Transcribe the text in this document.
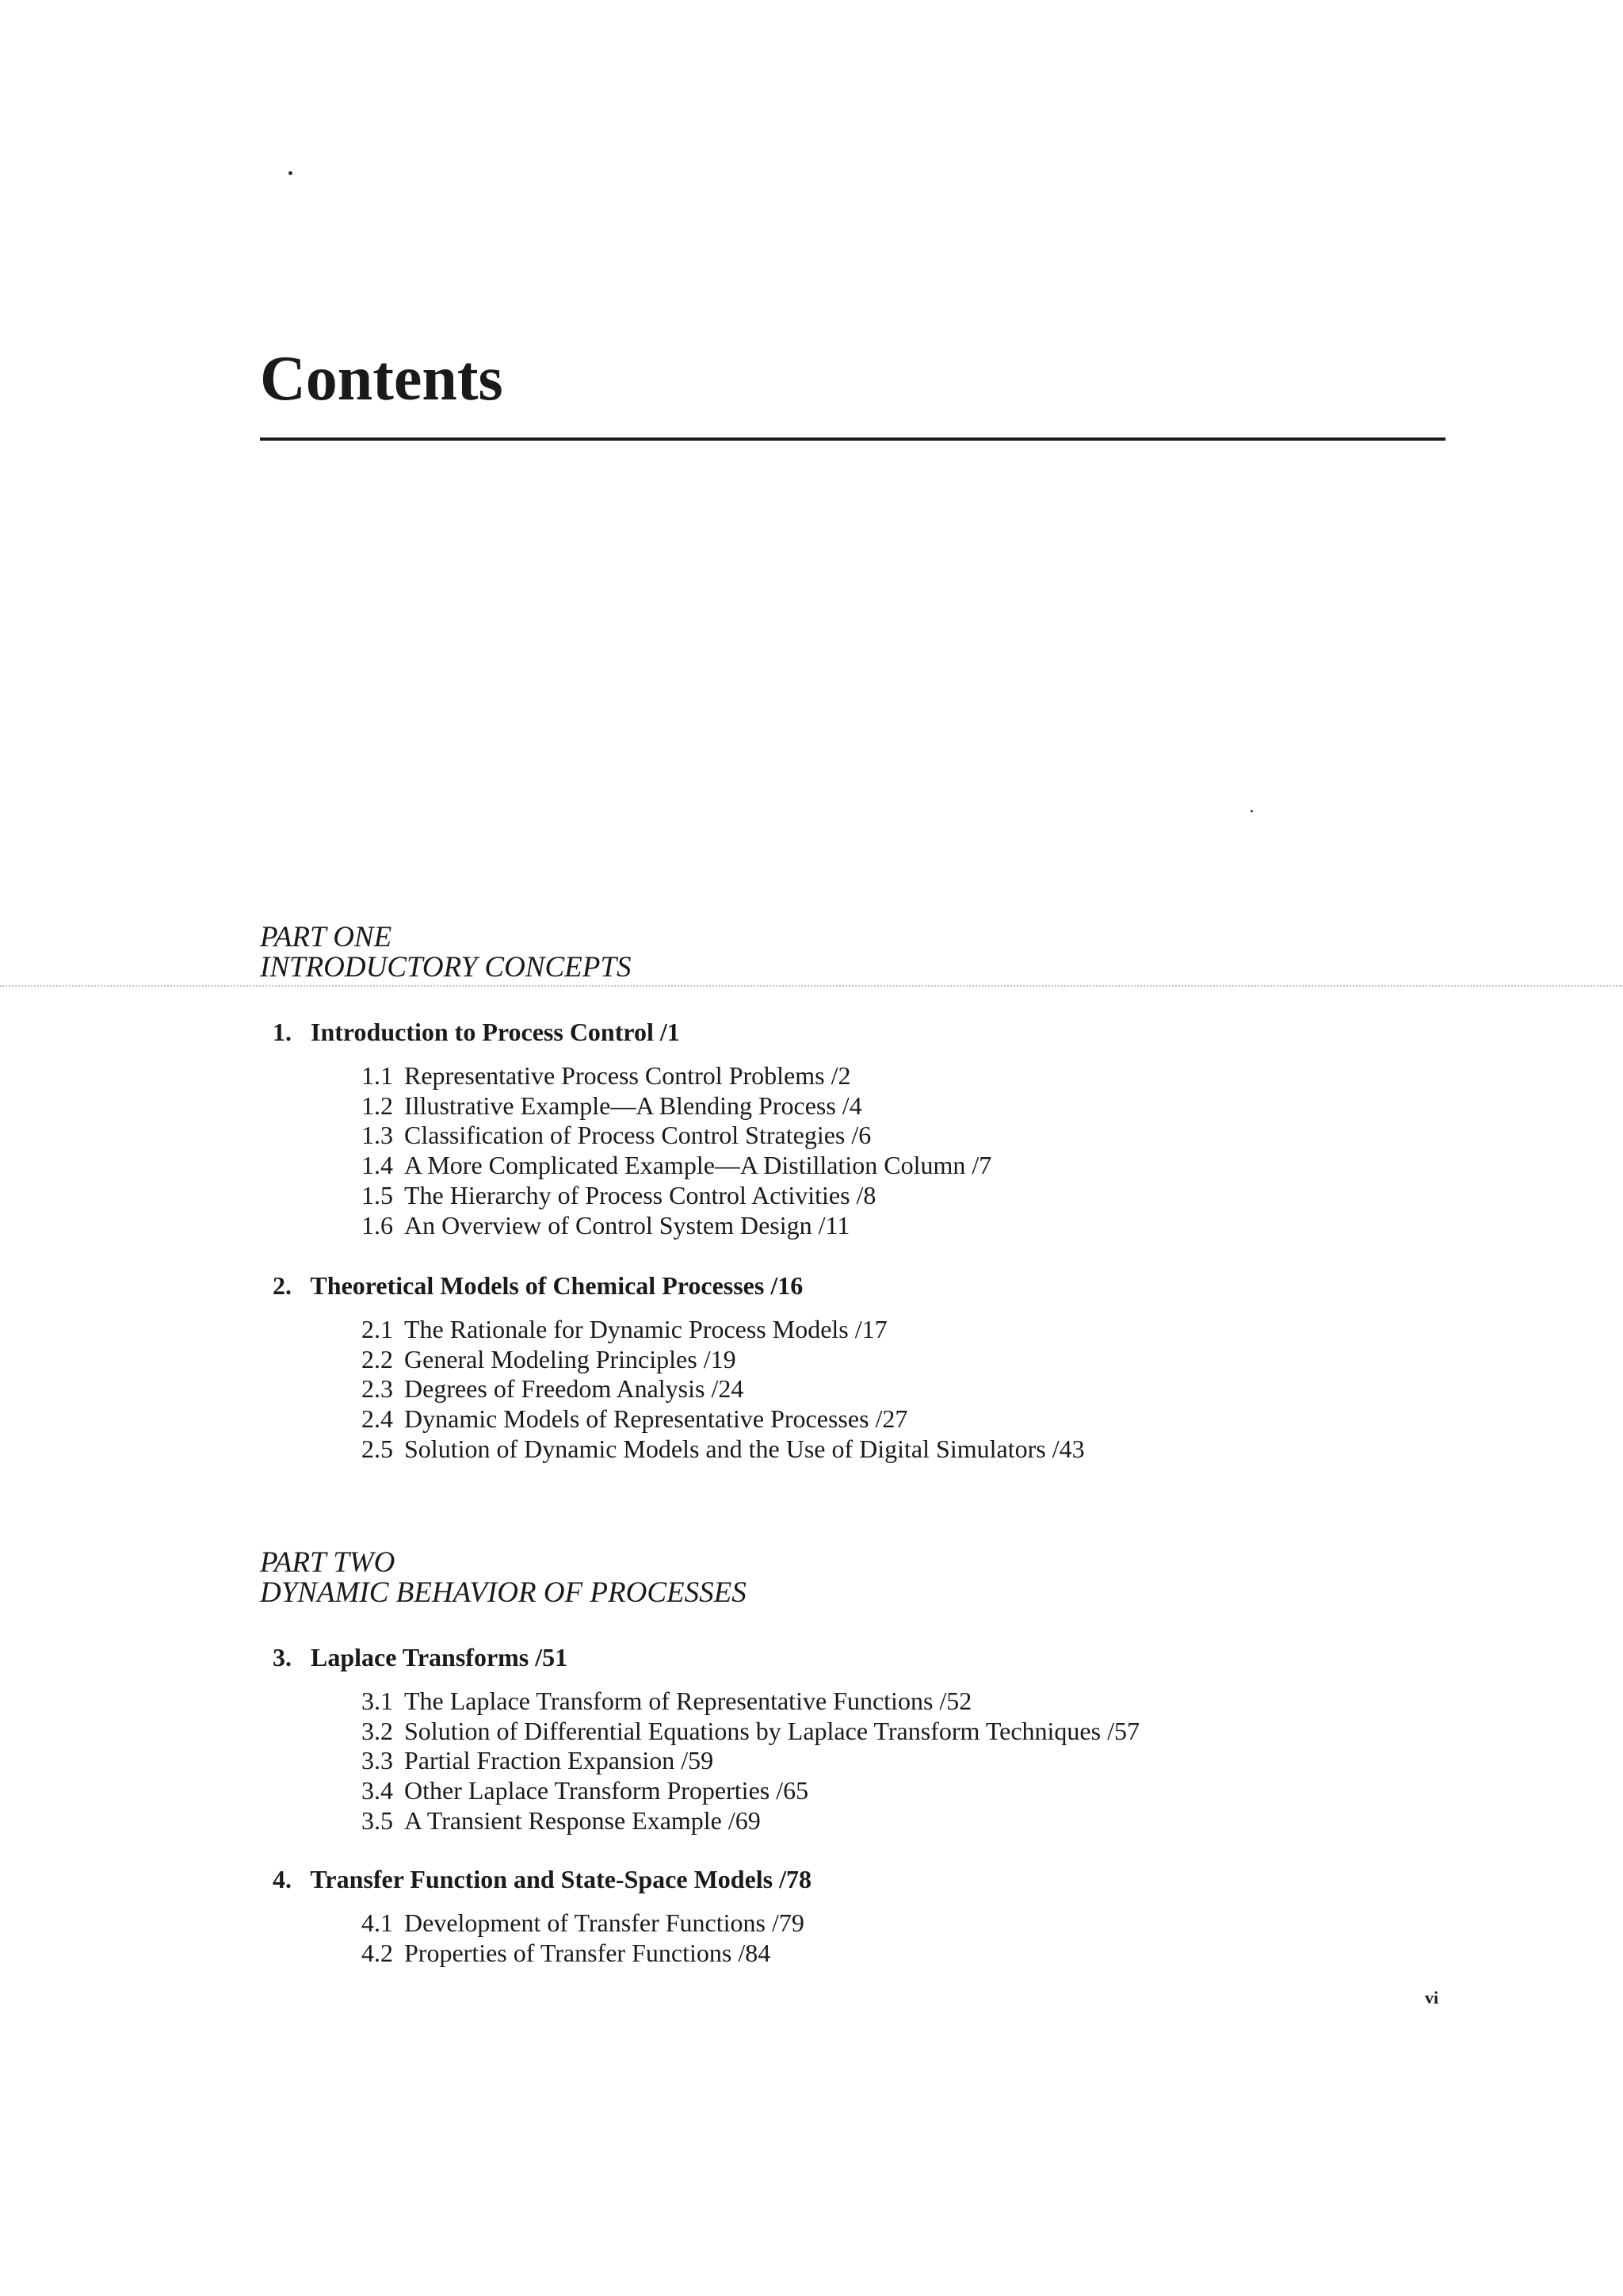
Contents
PART ONE
INTRODUCTORY CONCEPTS
1. Introduction to Process Control /1
1.1 Representative Process Control Problems /2
1.2 Illustrative Example—A Blending Process /4
1.3 Classification of Process Control Strategies /6
1.4 A More Complicated Example—A Distillation Column /7
1.5 The Hierarchy of Process Control Activities /8
1.6 An Overview of Control System Design /11
2. Theoretical Models of Chemical Processes /16
2.1 The Rationale for Dynamic Process Models /17
2.2 General Modeling Principles /19
2.3 Degrees of Freedom Analysis /24
2.4 Dynamic Models of Representative Processes /27
2.5 Solution of Dynamic Models and the Use of Digital Simulators /43
PART TWO
DYNAMIC BEHAVIOR OF PROCESSES
3. Laplace Transforms /51
3.1 The Laplace Transform of Representative Functions /52
3.2 Solution of Differential Equations by Laplace Transform Techniques /57
3.3 Partial Fraction Expansion /59
3.4 Other Laplace Transform Properties /65
3.5 A Transient Response Example /69
4. Transfer Function and State-Space Models /78
4.1 Development of Transfer Functions /79
4.2 Properties of Transfer Functions /84
vi
